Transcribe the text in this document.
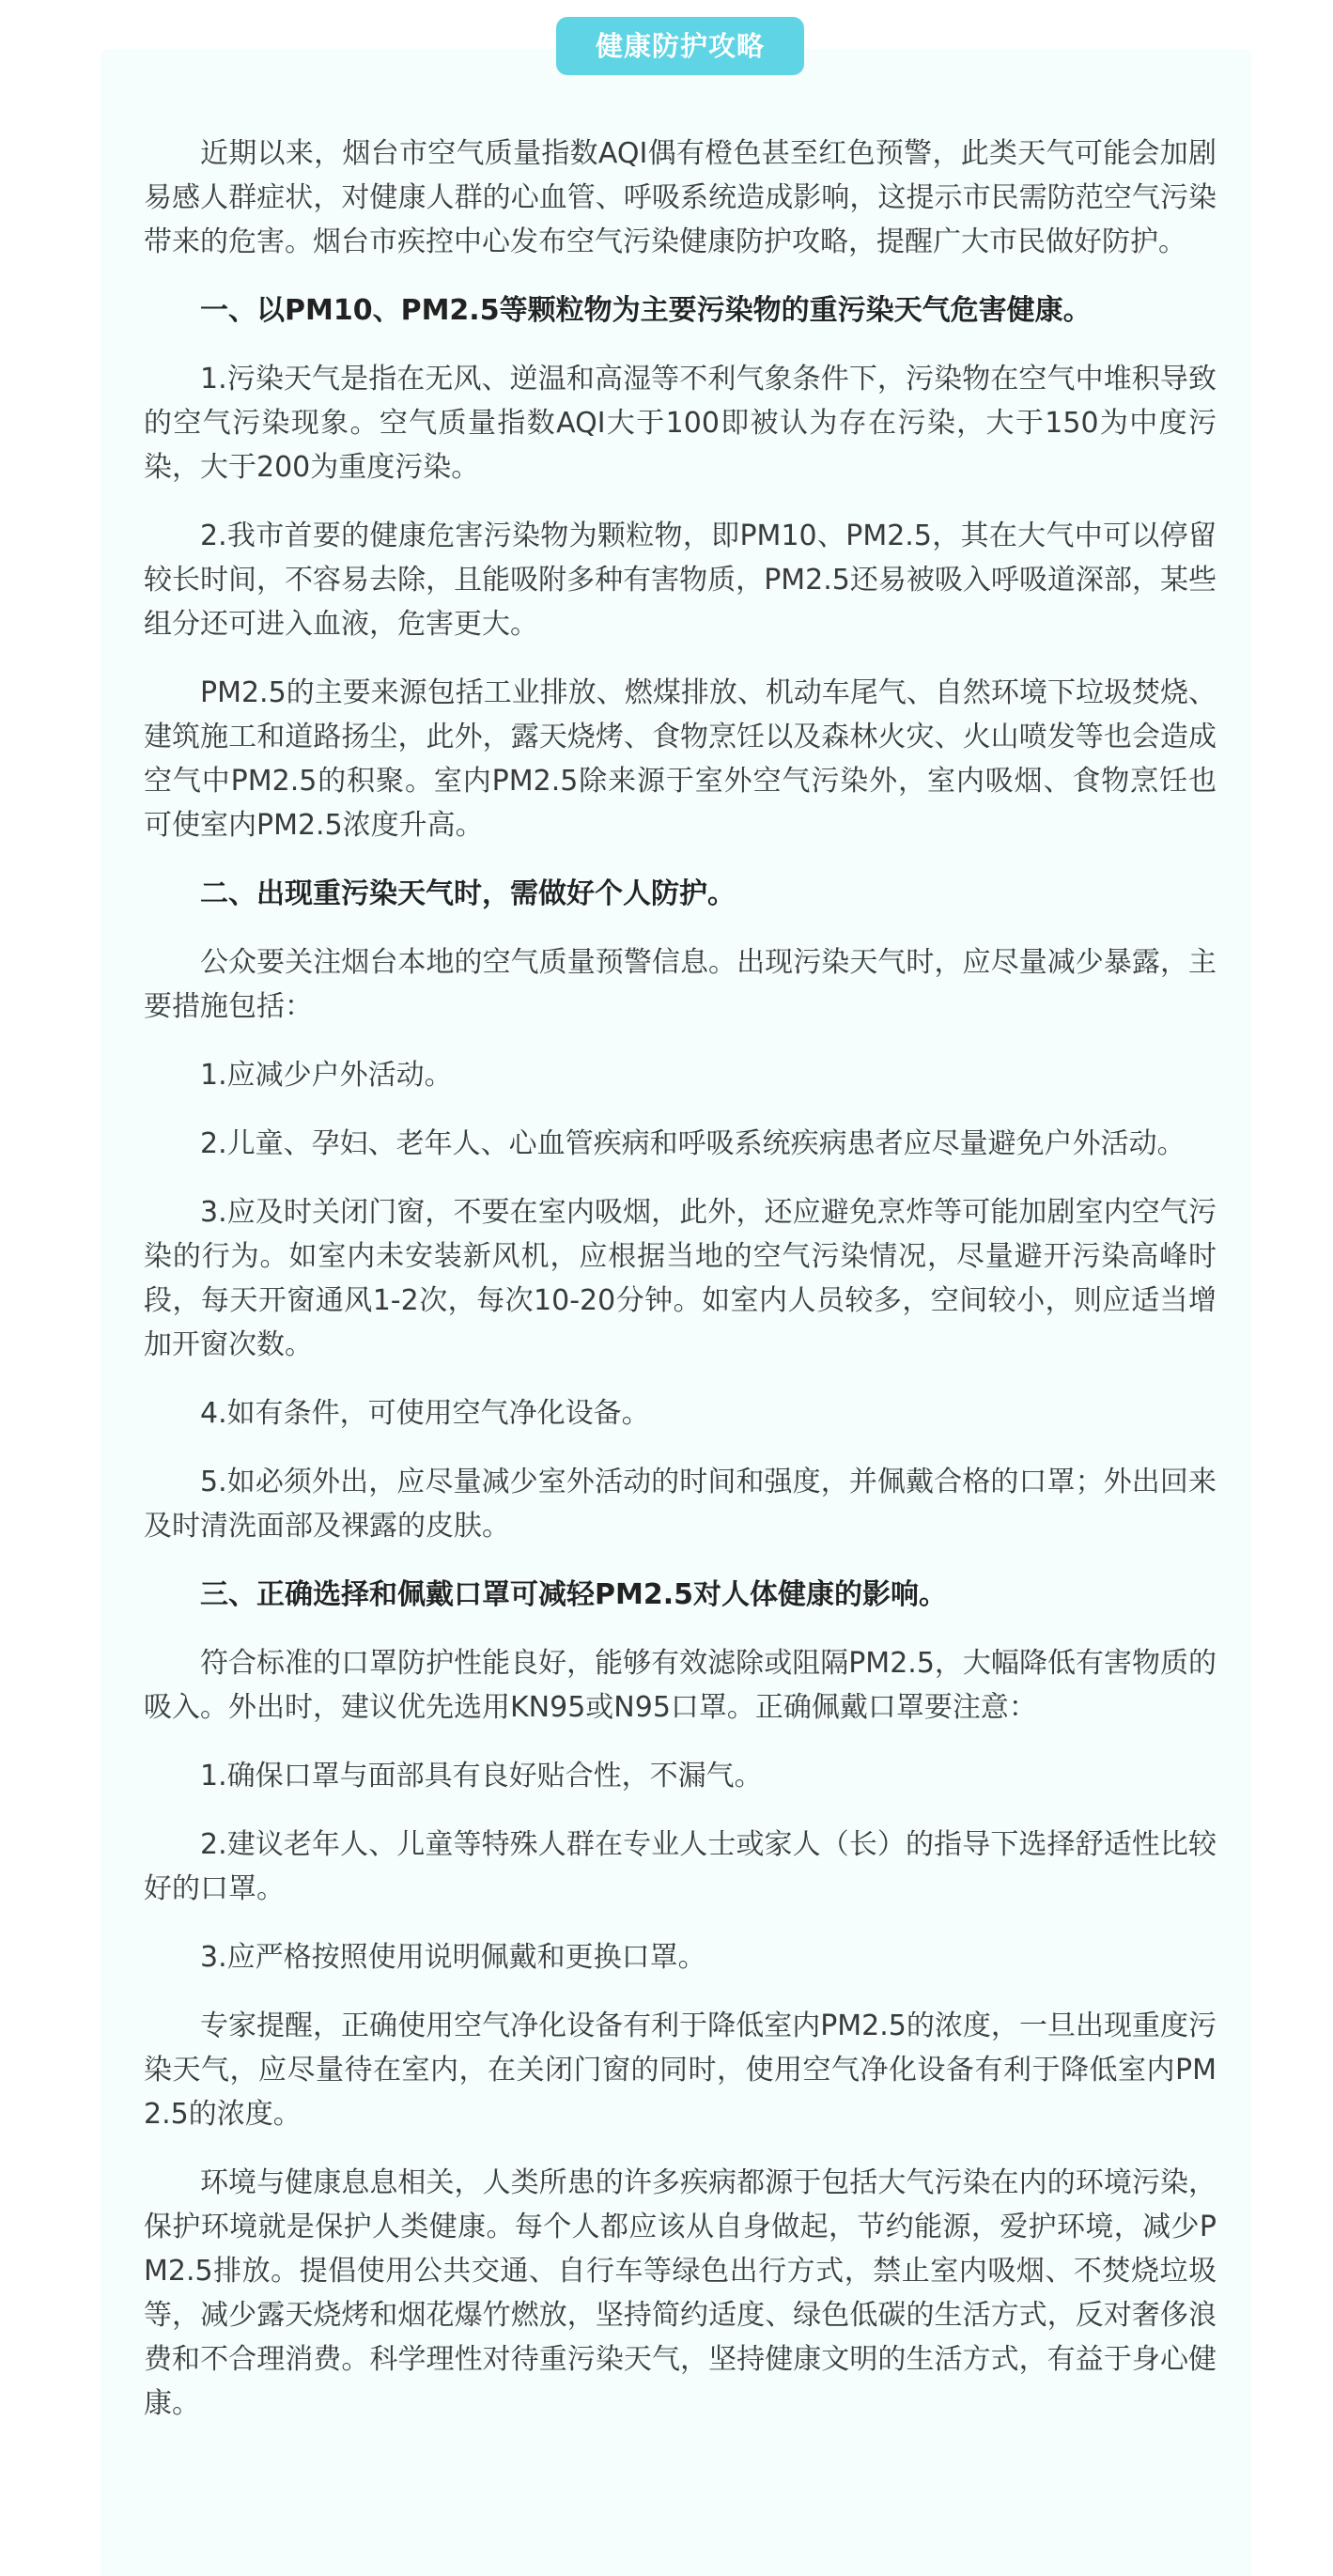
健康防护攻略

近期以来，烟台市空气质量指数AQI偶有橙色甚至红色预警，此类天气可能会加剧易感人群症状，对健康人群的心血管、呼吸系统造成影响，这提示市民需防范空气污染带来的危害。烟台市疾控中心发布空气污染健康防护攻略，提醒广大市民做好防护。

一、以PM10、PM2.5等颗粒物为主要污染物的重污染天气危害健康。

1.污染天气是指在无风、逆温和高湿等不利气象条件下，污染物在空气中堆积导致的空气污染现象。空气质量指数AQI大于100即被认为存在污染，大于150为中度污染，大于200为重度污染。

2.我市首要的健康危害污染物为颗粒物，即PM10、PM2.5，其在大气中可以停留较长时间，不容易去除，且能吸附多种有害物质，PM2.5还易被吸入呼吸道深部，某些组分还可进入血液，危害更大。

PM2.5的主要来源包括工业排放、燃煤排放、机动车尾气、自然环境下垃圾焚烧、建筑施工和道路扬尘，此外，露天烧烤、食物烹饪以及森林火灾、火山喷发等也会造成空气中PM2.5的积聚。室内PM2.5除来源于室外空气污染外，室内吸烟、食物烹饪也可使室内PM2.5浓度升高。

二、出现重污染天气时，需做好个人防护。

公众要关注烟台本地的空气质量预警信息。出现污染天气时，应尽量减少暴露，主要措施包括：

1.应减少户外活动。

2.儿童、孕妇、老年人、心血管疾病和呼吸系统疾病患者应尽量避免户外活动。

3.应及时关闭门窗，不要在室内吸烟，此外，还应避免烹炸等可能加剧室内空气污染的行为。如室内未安装新风机，应根据当地的空气污染情况，尽量避开污染高峰时段，每天开窗通风1-2次，每次10-20分钟。如室内人员较多，空间较小，则应适当增加开窗次数。

4.如有条件，可使用空气净化设备。

5.如必须外出，应尽量减少室外活动的时间和强度，并佩戴合格的口罩；外出回来及时清洗面部及裸露的皮肤。

三、正确选择和佩戴口罩可减轻PM2.5对人体健康的影响。

符合标准的口罩防护性能良好，能够有效滤除或阻隔PM2.5，大幅降低有害物质的吸入。外出时，建议优先选用KN95或N95口罩。正确佩戴口罩要注意：

1.确保口罩与面部具有良好贴合性，不漏气。

2.建议老年人、儿童等特殊人群在专业人士或家人（长）的指导下选择舒适性比较好的口罩。

3.应严格按照使用说明佩戴和更换口罩。

专家提醒，正确使用空气净化设备有利于降低室内PM2.5的浓度，一旦出现重度污染天气，应尽量待在室内，在关闭门窗的同时，使用空气净化设备有利于降低室内PM2.5的浓度。

环境与健康息息相关，人类所患的许多疾病都源于包括大气污染在内的环境污染，保护环境就是保护人类健康。每个人都应该从自身做起，节约能源，爱护环境，减少PM2.5排放。提倡使用公共交通、自行车等绿色出行方式，禁止室内吸烟、不焚烧垃圾等，减少露天烧烤和烟花爆竹燃放，坚持简约适度、绿色低碳的生活方式，反对奢侈浪费和不合理消费。科学理性对待重污染天气，坚持健康文明的生活方式，有益于身心健康。
